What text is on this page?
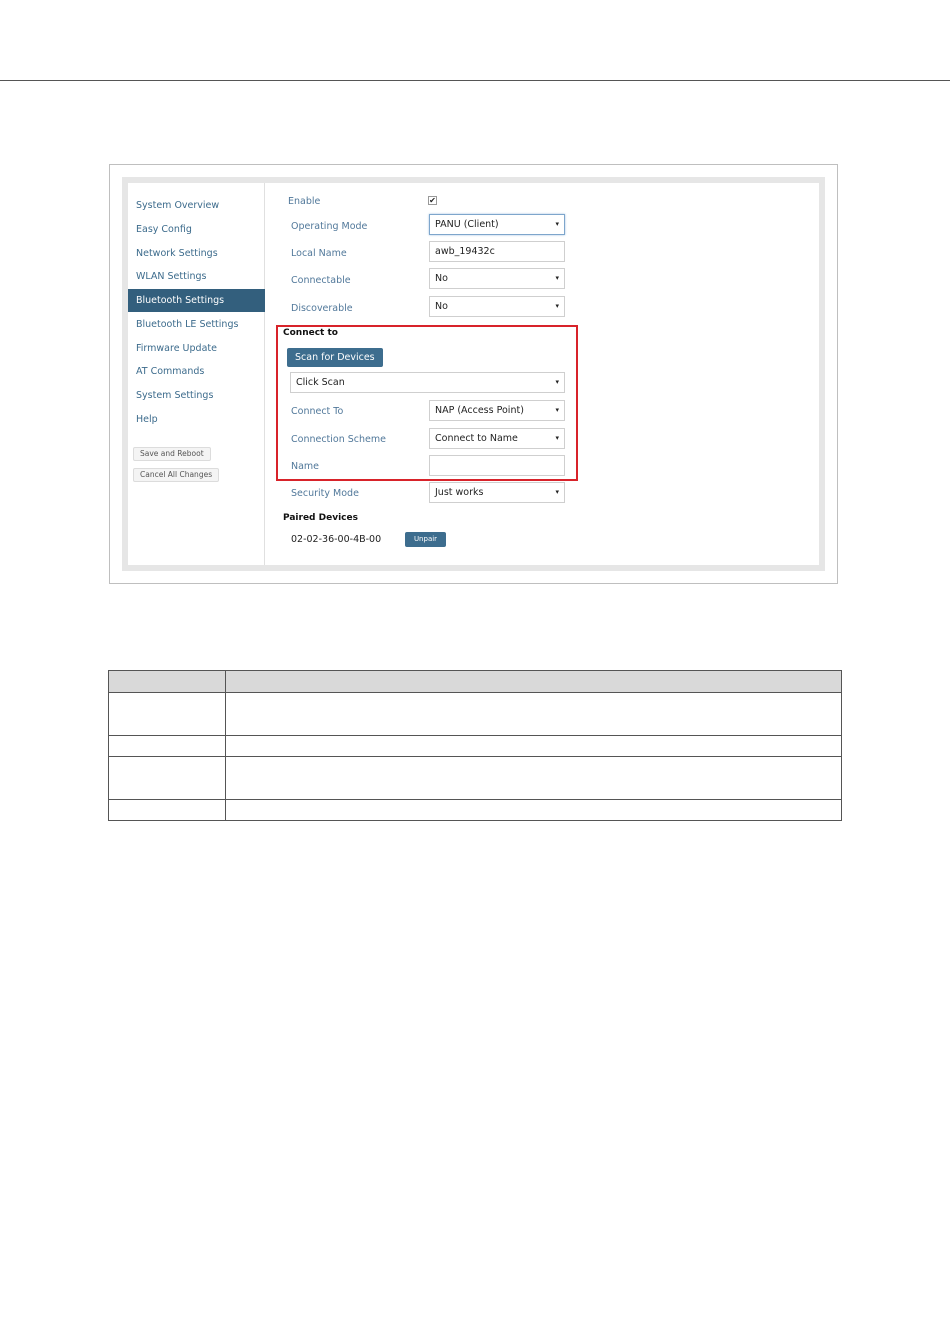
System Overview
Easy Config
Network Settings
WLAN Settings
Bluetooth Settings
Bluetooth LE Settings
Firmware Update
AT Commands
System Settings
Help
Save and Reboot
Cancel All Changes
Enable	✔
Operating Mode	PANU (Client)	▾
Local Name	awb_19432c
Connectable	No	▾
Discoverable	No	▾
Connect to
Scan for Devices
Click Scan	▾
Connect To	NAP (Access Point)	▾
Connection Scheme	Connect to Name	▾
Name
Security Mode	Just works	▾
Paired Devices
02-02-36-00-4B-00	Unpair
